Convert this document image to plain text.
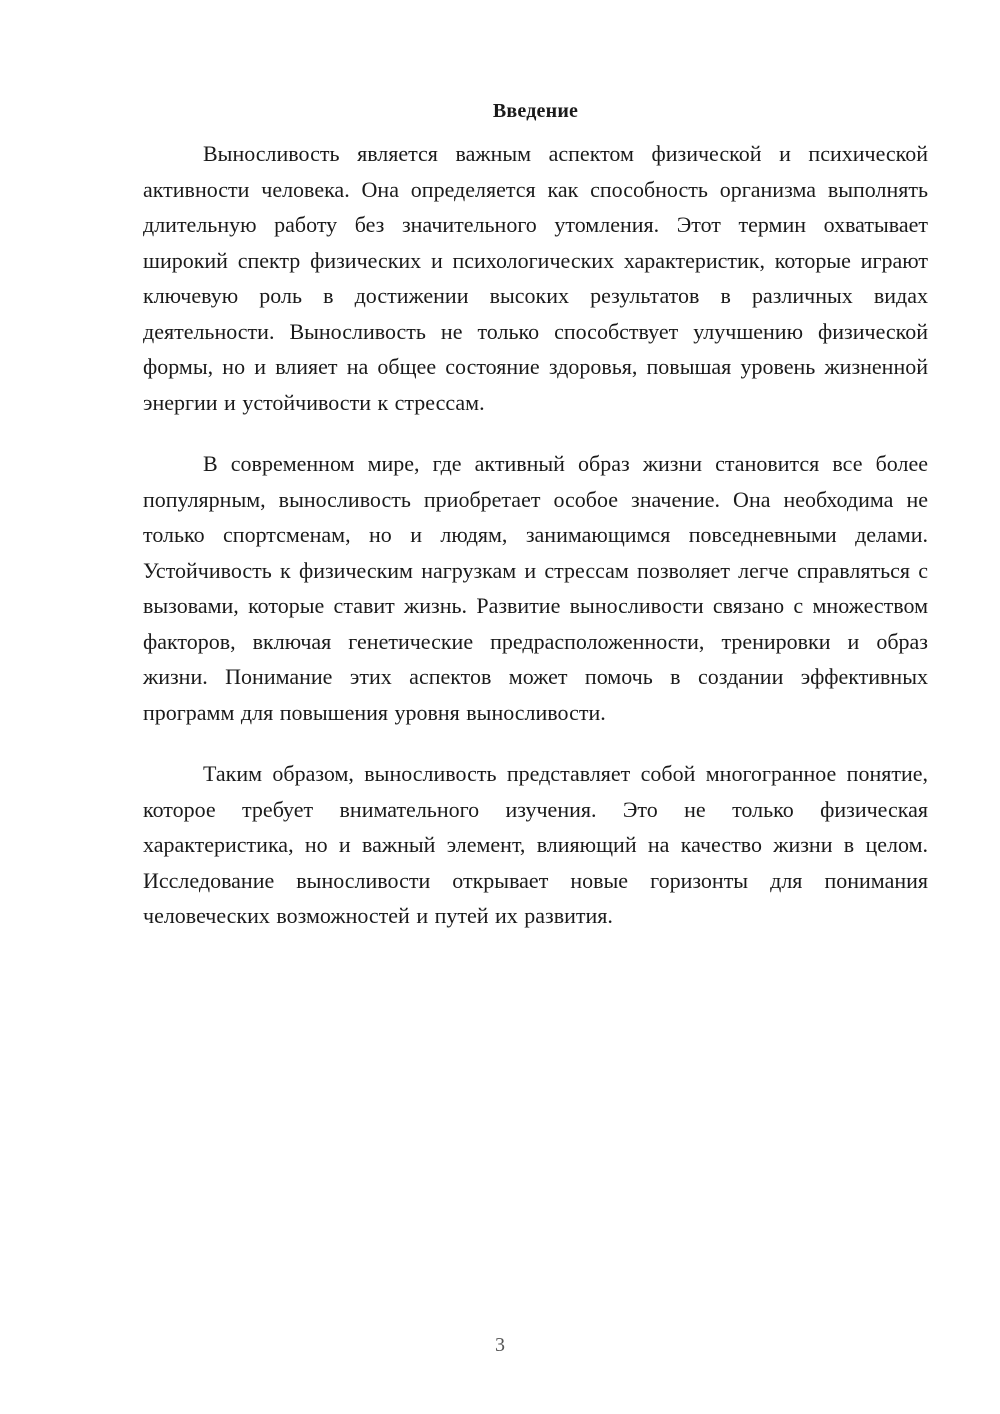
Введение

Выносливость является важным аспектом физической и психической активности человека. Она определяется как способность организма выполнять длительную работу без значительного утомления. Этот термин охватывает широкий спектр физических и психологических характеристик, которые играют ключевую роль в достижении высоких результатов в различных видах деятельности. Выносливость не только способствует улучшению физической формы, но и влияет на общее состояние здоровья, повышая уровень жизненной энергии и устойчивости к стрессам.

В современном мире, где активный образ жизни становится все более популярным, выносливость приобретает особое значение. Она необходима не только спортсменам, но и людям, занимающимся повседневными делами. Устойчивость к физическим нагрузкам и стрессам позволяет легче справляться с вызовами, которые ставит жизнь. Развитие выносливости связано с множеством факторов, включая генетические предрасположенности, тренировки и образ жизни. Понимание этих аспектов может помочь в создании эффективных программ для повышения уровня выносливости.

Таким образом, выносливость представляет собой многогранное понятие, которое требует внимательного изучения. Это не только физическая характеристика, но и важный элемент, влияющий на качество жизни в целом. Исследование выносливости открывает новые горизонты для понимания человеческих возможностей и путей их развития.

3
